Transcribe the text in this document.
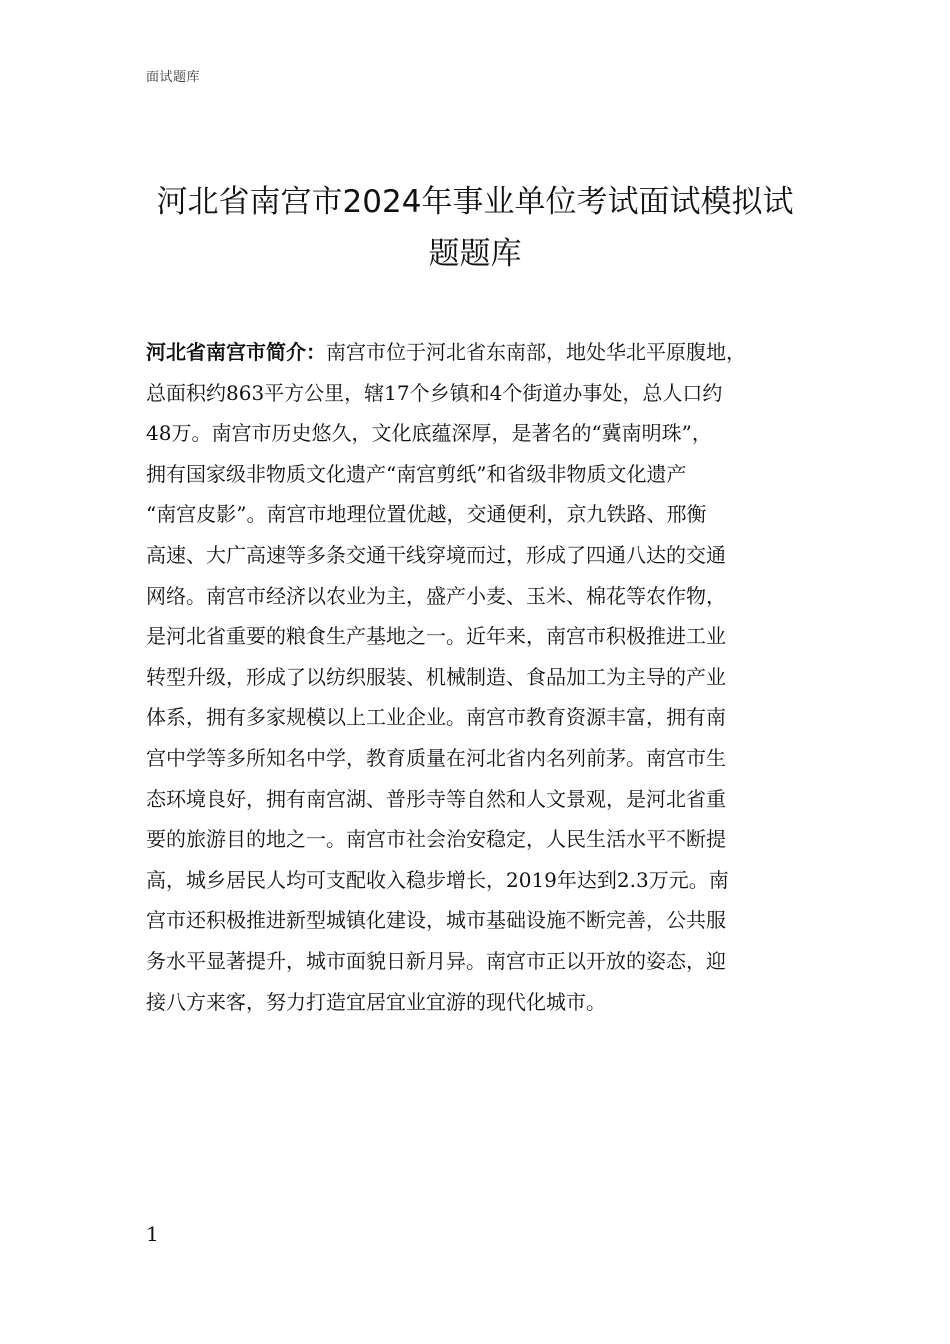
面试题库
河北省南宫市2024年事业单位考试面试模拟试
题题库
河北省南宫市简介：南宫市位于河北省东南部，地处华北平原腹地，
总面积约863平方公里，辖17个乡镇和4个街道办事处，总人口约
48万。南宫市历史悠久，文化底蕴深厚，是著名的“冀南明珠”，
拥有国家级非物质文化遗产“南宫剪纸”和省级非物质文化遗产
“南宫皮影”。南宫市地理位置优越，交通便利，京九铁路、邢衡
高速、大广高速等多条交通干线穿境而过，形成了四通八达的交通
网络。南宫市经济以农业为主，盛产小麦、玉米、棉花等农作物，
是河北省重要的粮食生产基地之一。近年来，南宫市积极推进工业
转型升级，形成了以纺织服装、机械制造、食品加工为主导的产业
体系，拥有多家规模以上工业企业。南宫市教育资源丰富，拥有南
宫中学等多所知名中学，教育质量在河北省内名列前茅。南宫市生
态环境良好，拥有南宫湖、普彤寺等自然和人文景观，是河北省重
要的旅游目的地之一。南宫市社会治安稳定，人民生活水平不断提
高，城乡居民人均可支配收入稳步增长，2019年达到2.3万元。南
宫市还积极推进新型城镇化建设，城市基础设施不断完善，公共服
务水平显著提升，城市面貌日新月异。南宫市正以开放的姿态，迎
接八方来客，努力打造宜居宜业宜游的现代化城市。
1
